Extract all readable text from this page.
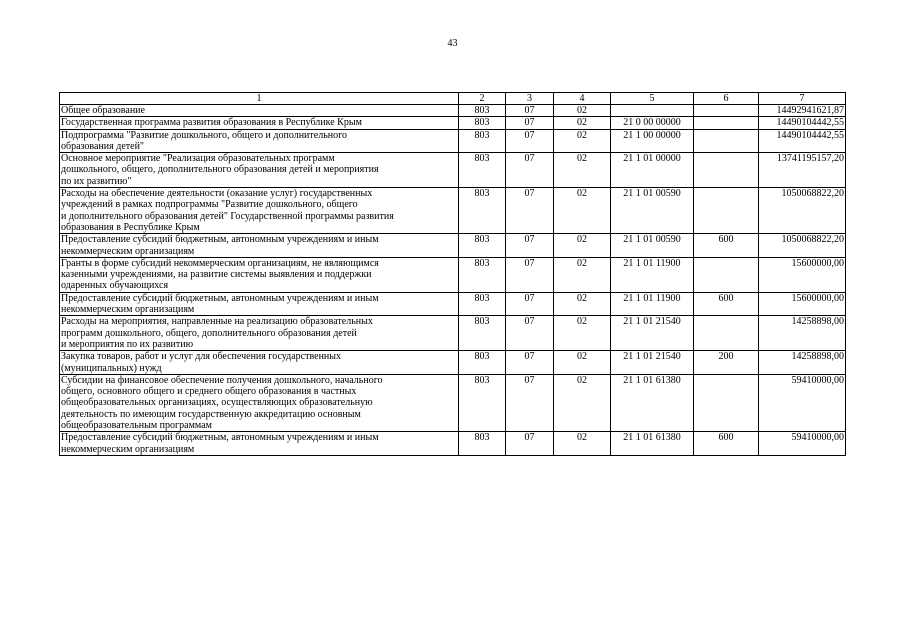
43
1	2	3	4	5	6	7

Общее образование	803	07	02			14492941621,87

Государственная программа развития образования в Республике Крым	803	07	02	21 0 00 00000		14490104442,55

Подпрограмма "Развитие дошкольного, общего и дополнительного
образования детей"	803	07	02	21 1 00 00000		14490104442,55

Основное мероприятие "Реализация образовательных программ
дошкольного, общего, дополнительного образования детей и мероприятия
по их развитию"	803	07	02	21 1 01 00000		13741195157,20

Расходы на обеспечение деятельности (оказание услуг) государственных
учреждений в рамках подпрограммы "Развитие дошкольного, общего
и дополнительного образования детей" Государственной программы развития
образования в Республике Крым	803	07	02	21 1 01 00590		1050068822,20

Предоставление субсидий бюджетным, автономным учреждениям и иным
некоммерческим организациям	803	07	02	21 1 01 00590	600	1050068822,20

Гранты в форме субсидий некоммерческим организациям, не являющимся
казенными учреждениями, на развитие системы выявления и поддержки
одаренных обучающихся	803	07	02	21 1 01 11900		15600000,00

Предоставление субсидий бюджетным, автономным учреждениям и иным
некоммерческим организациям	803	07	02	21 1 01 11900	600	15600000,00

Расходы на мероприятия, направленные на реализацию образовательных
программ дошкольного, общего, дополнительного образования детей
и мероприятия по их развитию	803	07	02	21 1 01 21540		14258898,00

Закупка товаров, работ и услуг для обеспечения государственных
(муниципальных) нужд	803	07	02	21 1 01 21540	200	14258898,00

Субсидии на финансовое обеспечение получения дошкольного, начального
общего, основного общего и среднего общего образования в частных
общеобразовательных организациях, осуществляющих образовательную
деятельность по имеющим государственную аккредитацию основным
общеобразовательным программам	803	07	02	21 1 01 61380		59410000,00

Предоставление субсидий бюджетным, автономным учреждениям и иным
некоммерческим организациям	803	07	02	21 1 01 61380	600	59410000,00
